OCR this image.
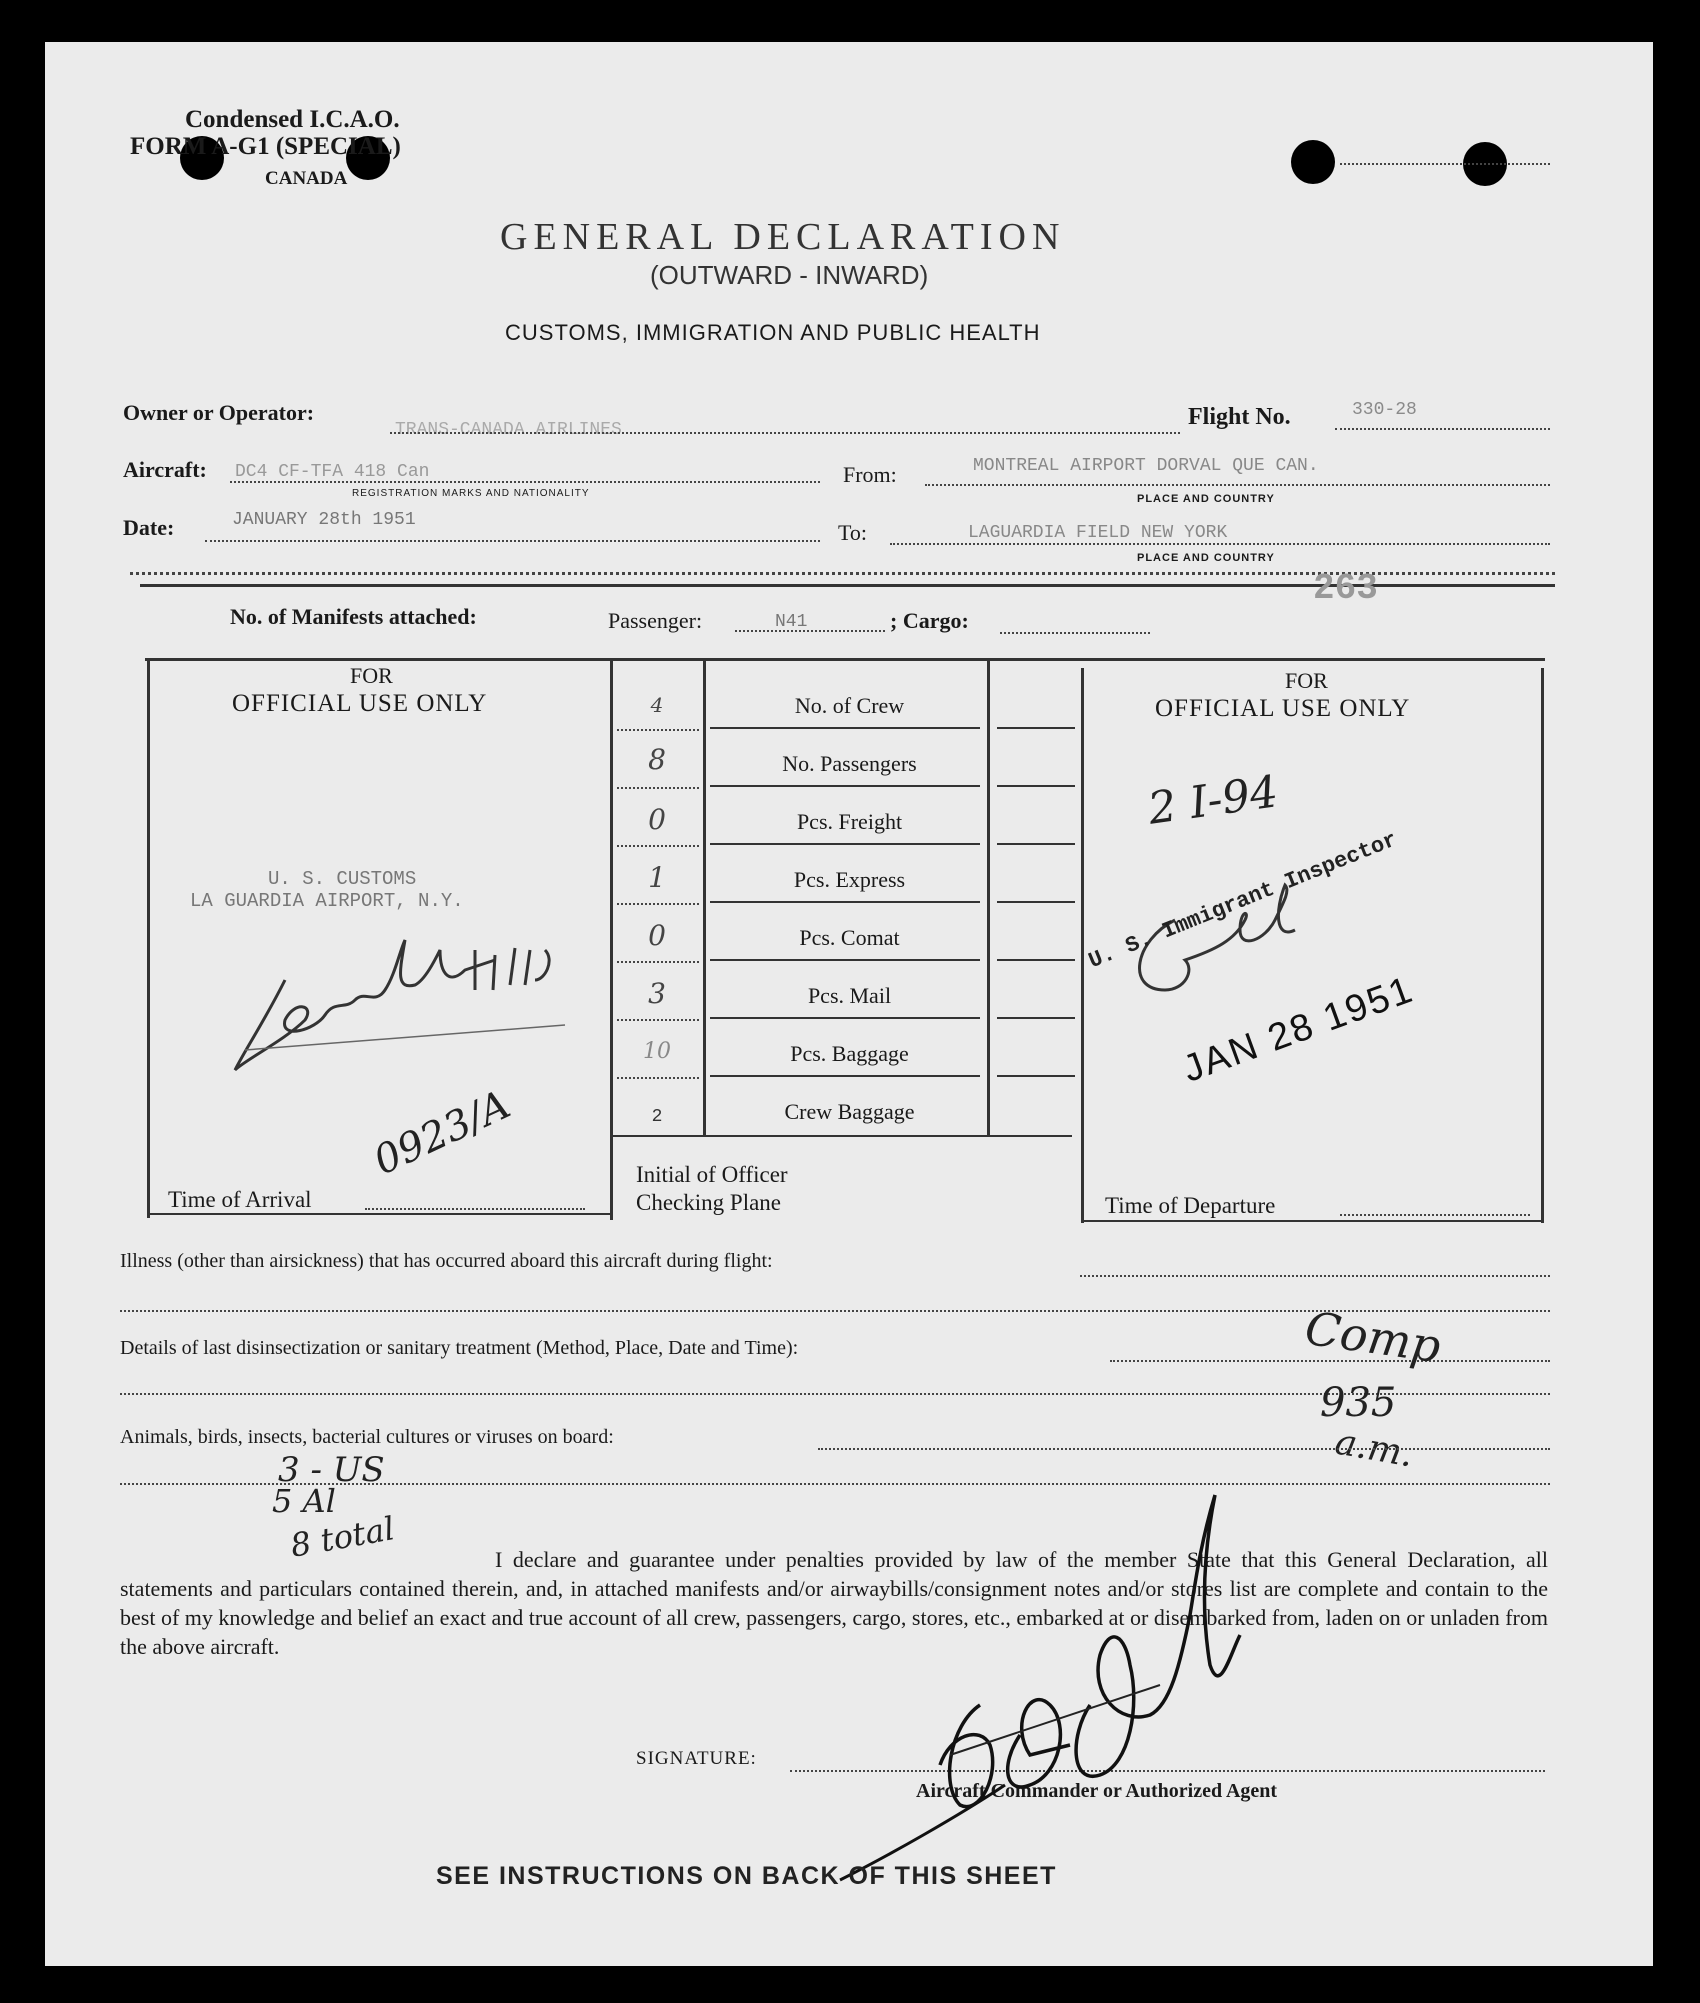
Condensed I.C.A.O.
FORM A-G1 (SPECIAL)
CANADA
GENERAL DECLARATION
(OUTWARD - INWARD)
CUSTOMS, IMMIGRATION AND PUBLIC HEALTH
Owner or Operator:
TRANS-CANADA AIRLINES	Flight No.	330-28
Aircraft: DC4 CF-TFA 418 Can
REGISTRATION MARKS AND NATIONALITY
From:	MONTREAL AIRPORT DORVAL QUE CAN.
PLACE AND COUNTRY
Date:	JANUARY 28th 1951	To:	LAGUARDIA FIELD NEW YORK
PLACE AND COUNTRY
263
No. of Manifests attached:	Passenger:	N41	; Cargo:
FOR
OFFICIAL USE ONLY
U. S. CUSTOMS
LA GUARDIA AIRPORT, N.Y.
0923/A
Time of Arrival
4	No. of Crew
8	No. Passengers
0	Pcs. Freight
1	Pcs. Express
0	Pcs. Comat
3	Pcs. Mail
10	Pcs. Baggage
2	Crew Baggage
Initial of Officer
Checking Plane
FOR
OFFICIAL USE ONLY
2 I-94
U. S. Immigrant Inspector
JAN 28 1951
Time of Departure
Illness (other than airsickness) that has occurred aboard this aircraft during flight:
Details of last disinsectization or sanitary treatment (Method, Place, Date and Time):	Comp
935
a.m.
Animals, birds, insects, bacterial cultures or viruses on board:
3 - US
5 Al
8 total	I declare and guarantee under penalties provided by law of the member State that this General Declaration, all statements and particulars contained therein, and, in attached manifests and/or airwaybills/consignment notes and/or stores list are complete and contain to the best of my knowledge and belief an exact and true account of all crew, passengers, cargo, stores, etc., embarked at or disembarked from, laden on or unladen from the above aircraft.
SIGNATURE:
Aircraft Commander or Authorized Agent
SEE INSTRUCTIONS ON BACK OF THIS SHEET
